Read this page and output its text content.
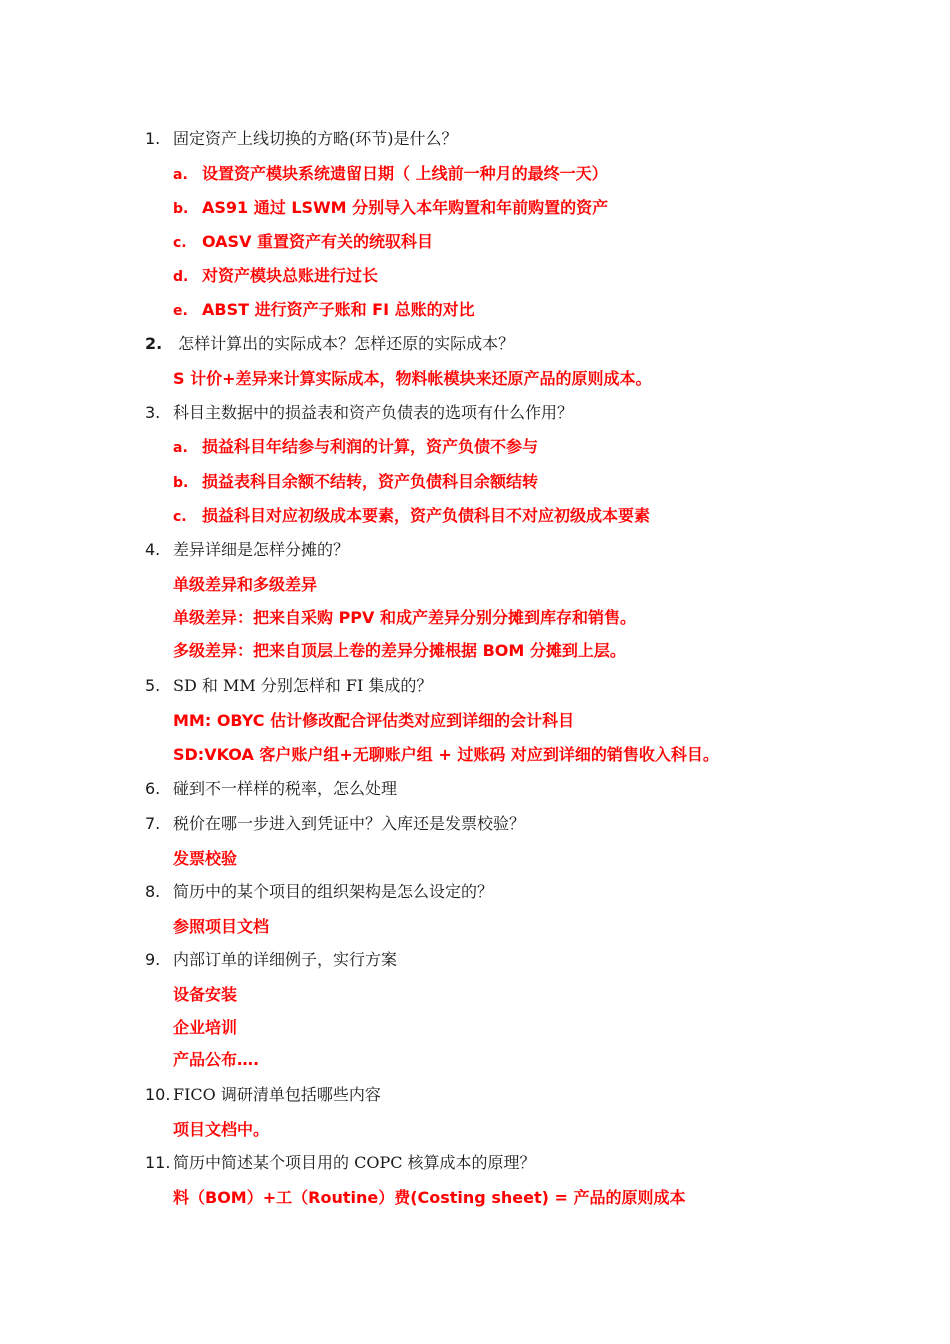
1. 固定资产上线切换的方略(环节)是什么？
a. 设置资产模块系统遗留日期（ 上线前一种月的最终一天）
b. AS91 通过 LSWM 分别导入本年购置和年前购置的资产
c. OASV 重置资产有关的统驭科目
d. 对资产模块总账进行过长
e. ABST 进行资产子账和 FI 总账的对比
2. 怎样计算出的实际成本？怎样还原的实际成本？
S 计价+差异来计算实际成本，物料帐模块来还原产品的原则成本。
3. 科目主数据中的损益表和资产负债表的选项有什么作用？
a. 损益科目年结参与利润的计算，资产负债不参与
b. 损益表科目余额不结转，资产负债科目余额结转
c. 损益科目对应初级成本要素，资产负债科目不对应初级成本要素
4. 差异详细是怎样分摊的？
单级差异和多级差异
单级差异：把来自采购 PPV 和成产差异分别分摊到库存和销售。
多级差异：把来自顶层上卷的差异分摊根据 BOM 分摊到上层。
5. SD 和 MM 分别怎样和 FI 集成的？
MM: OBYC 估计修改配合评估类对应到详细的会计科目
SD:VKOA 客户账户组+无聊账户组 + 过账码 对应到详细的销售收入科目。
6. 碰到不一样样的税率，怎么处理
7. 税价在哪一步进入到凭证中？入库还是发票校验？
发票校验
8. 简历中的某个项目的组织架构是怎么设定的？
参照项目文档
9. 内部订单的详细例子，实行方案
设备安装
企业培训
产品公布….
10. FICO 调研清单包括哪些内容
项目文档中。
11. 简历中简述某个项目用的 COPC 核算成本的原理？
料（BOM）+工（Routine）费(Costing sheet) = 产品的原则成本
